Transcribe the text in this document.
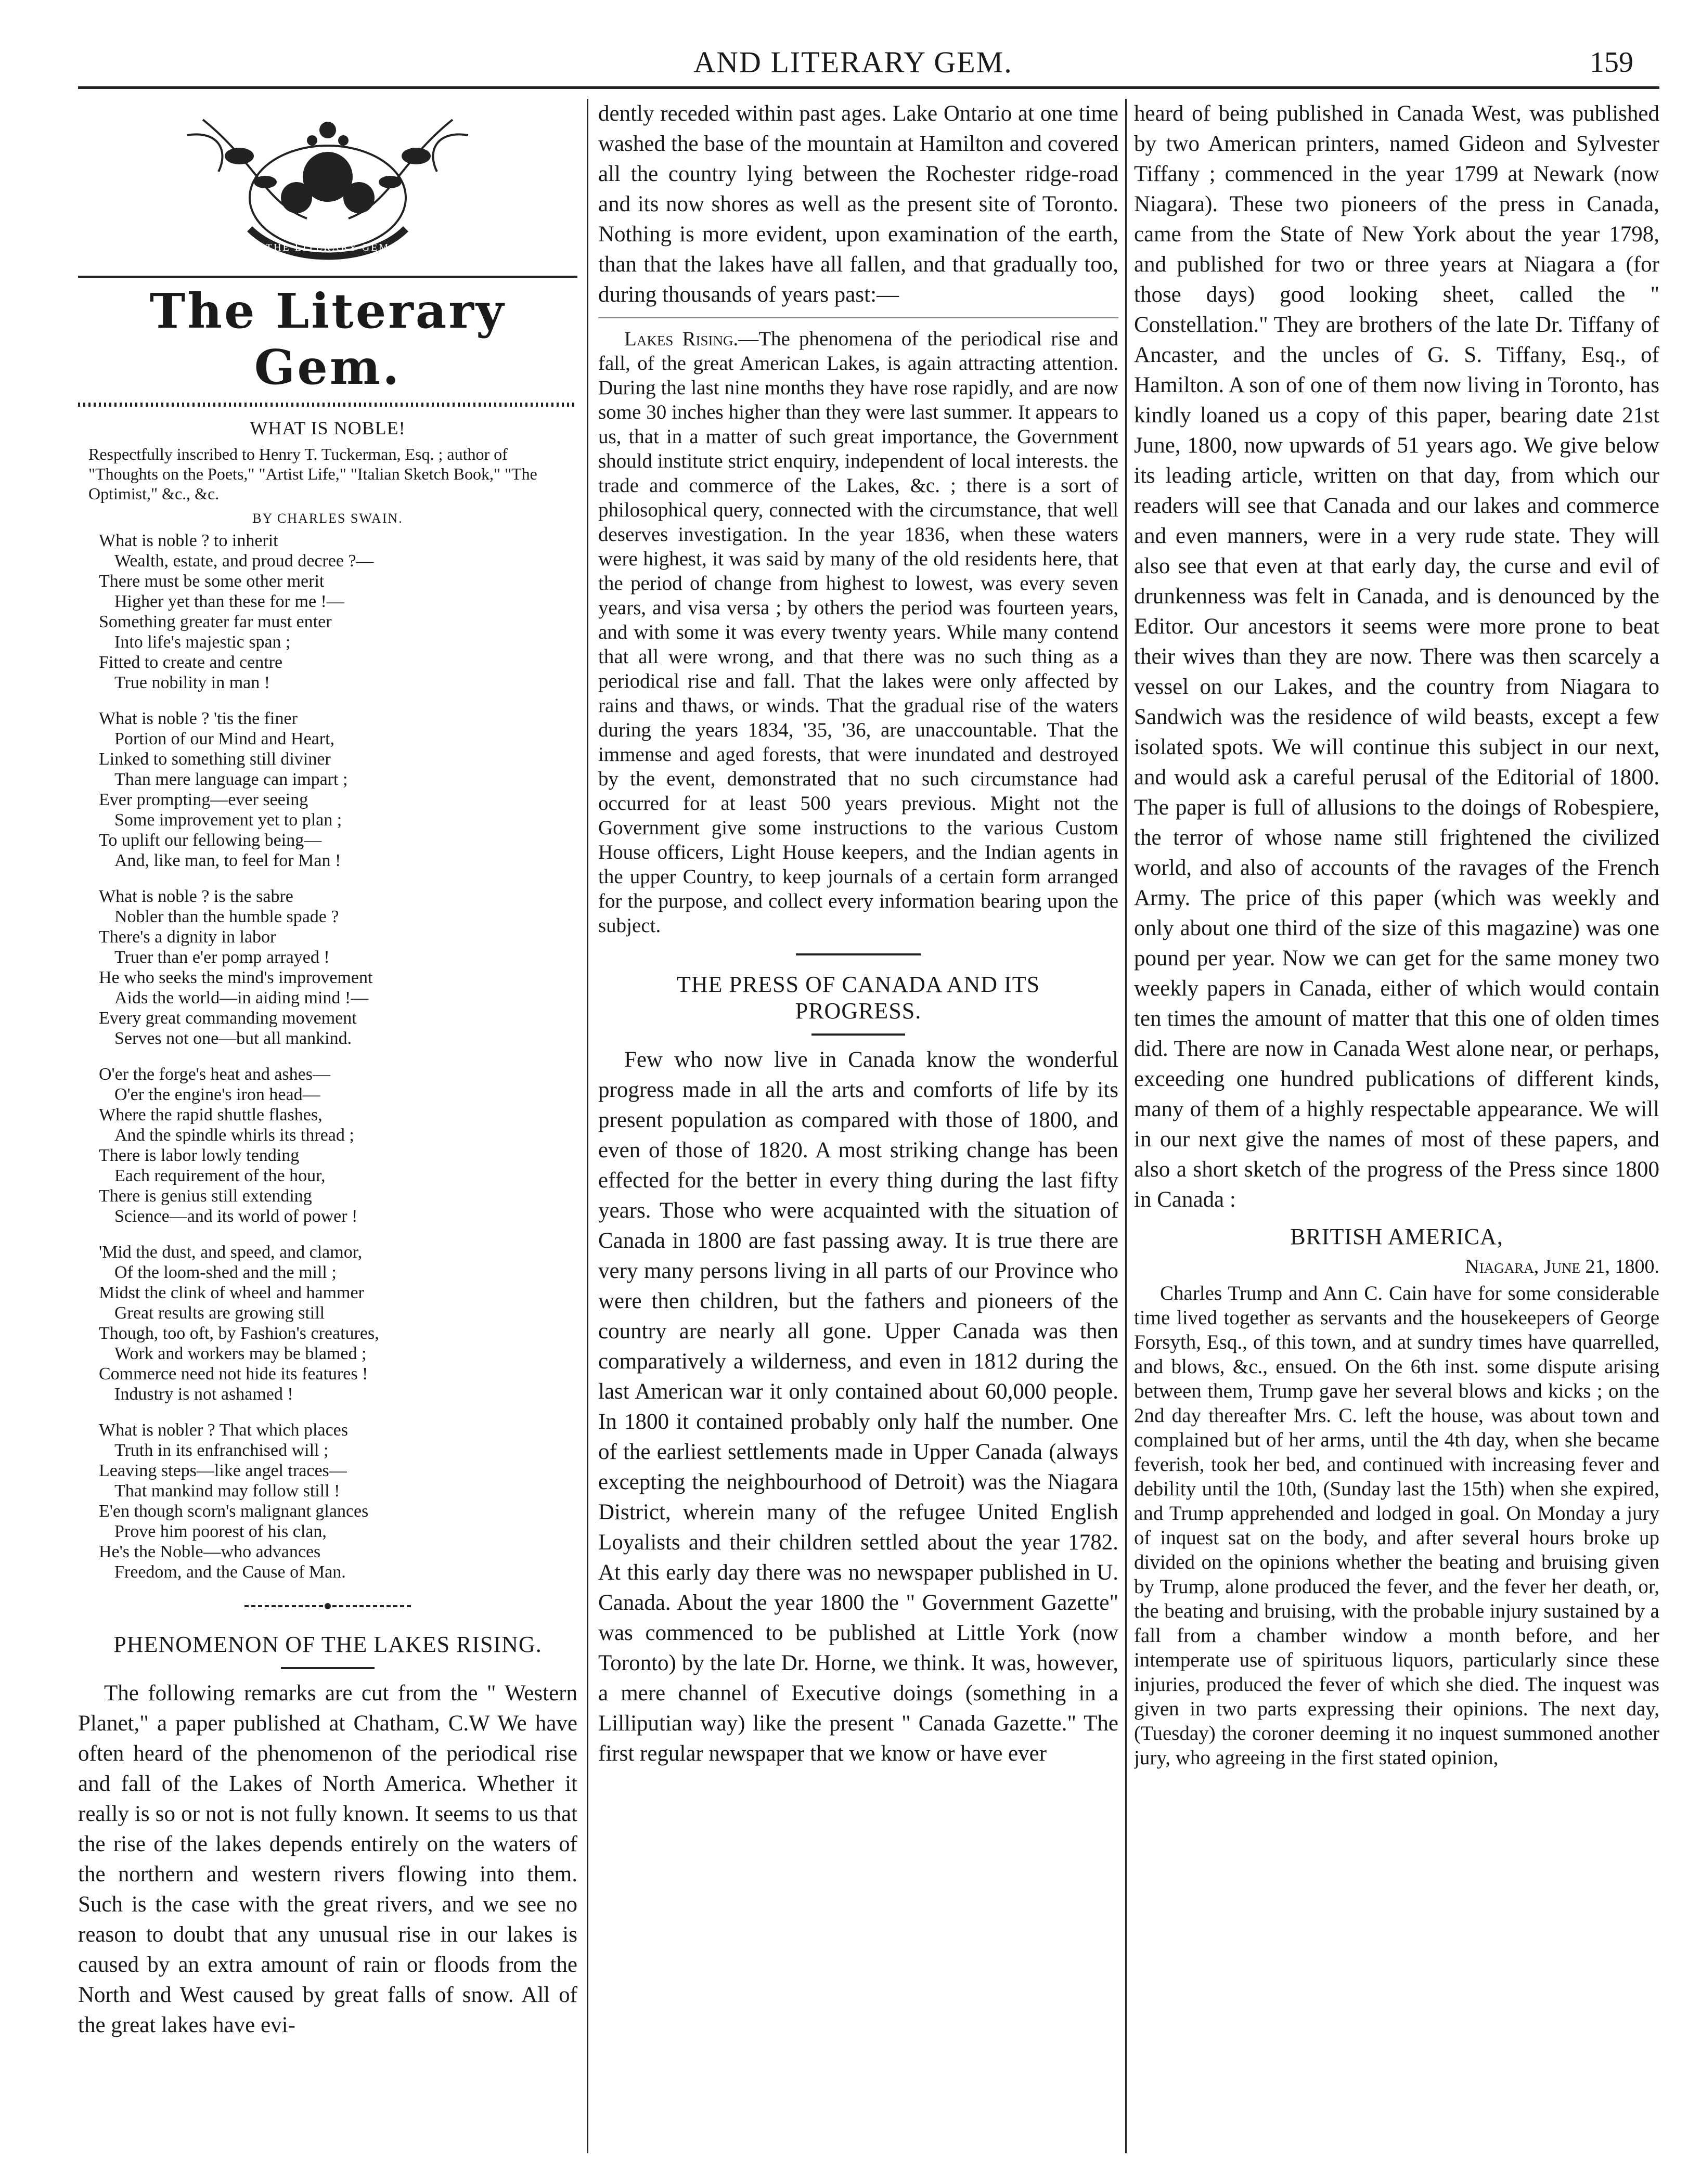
AND LITERARY GEM.	159
THE LITERARY GEM
The Literary Gem.
WHAT IS NOBLE!

Respectfully inscribed to Henry T. Tuckerman, Esq. ; author of "Thoughts on the Poets," "Artist Life," "Italian Sketch Book," "The Optimist," &c., &c.

BY CHARLES SWAIN.
What is noble ? to inherit
Wealth, estate, and proud decree ?—
There must be some other merit
Higher yet than these for me !—
Something greater far must enter
Into life's majestic span ;
Fitted to create and centre
True nobility in man !
What is noble ? 'tis the finer
Portion of our Mind and Heart,
Linked to something still diviner
Than mere language can impart ;
Ever prompting—ever seeing
Some improvement yet to plan ;
To uplift our fellowing being—
And, like man, to feel for Man !
What is noble ? is the sabre
Nobler than the humble spade ?
There's a dignity in labor
Truer than e'er pomp arrayed !
He who seeks the mind's improvement
Aids the world—in aiding mind !—
Every great commanding movement
Serves not one—but all mankind.
O'er the forge's heat and ashes—
O'er the engine's iron head—
Where the rapid shuttle flashes,
And the spindle whirls its thread ;
There is labor lowly tending
Each requirement of the hour,
There is genius still extending
Science—and its world of power !
'Mid the dust, and speed, and clamor,
Of the loom-shed and the mill ;
Midst the clink of wheel and hammer
Great results are growing still
Though, too oft, by Fashion's creatures,
Work and workers may be blamed ;
Commerce need not hide its features !
Industry is not ashamed !
What is nobler ? That which places
Truth in its enfranchised will ;
Leaving steps—like angel traces—
That mankind may follow still !
E'en though scorn's malignant glances
Prove him poorest of his clan,
He's the Noble—who advances
Freedom, and the Cause of Man.
PHENOMENON OF THE LAKES RISING.

The following remarks are cut from the " Western Planet," a paper published at Chatham, C.W We have often heard of the phenomenon of the periodical rise and fall of the Lakes of North America. Whether it really is so or not is not fully known. It seems to us that the rise of the lakes depends entirely on the waters of the northern and western rivers flowing into them. Such is the case with the great rivers, and we see no reason to doubt that any unusual rise in our lakes is caused by an extra amount of rain or floods from the North and West caused by great falls of snow. All of the great lakes have evi-

dently receded within past ages. Lake Ontario at one time washed the base of the mountain at Hamilton and covered all the country lying between the Rochester ridge-road and its now shores as well as the present site of Toronto. Nothing is more evident, upon examination of the earth, than that the lakes have all fallen, and that gradually too, during thousands of years past:—

Lakes Rising.—The phenomena of the periodical rise and fall, of the great American Lakes, is again attracting attention. During the last nine months they have rose rapidly, and are now some 30 inches higher than they were last summer. It appears to us, that in a matter of such great importance, the Government should institute strict enquiry, independent of local interests. the trade and commerce of the Lakes, &c. ; there is a sort of philosophical query, connected with the circumstance, that well deserves investigation. In the year 1836, when these waters were highest, it was said by many of the old residents here, that the period of change from highest to lowest, was every seven years, and visa versa ; by others the period was fourteen years, and with some it was every twenty years. While many contend that all were wrong, and that there was no such thing as a periodical rise and fall. That the lakes were only affected by rains and thaws, or winds. That the gradual rise of the waters during the years 1834, '35, '36, are unaccountable. That the immense and aged forests, that were inundated and destroyed by the event, demonstrated that no such circumstance had occurred for at least 500 years previous. Might not the Government give some instructions to the various Custom House officers, Light House keepers, and the Indian agents in the upper Country, to keep journals of a certain form arranged for the purpose, and collect every information bearing upon the subject.

THE PRESS OF CANADA AND ITS PROGRESS.

Few who now live in Canada know the wonderful progress made in all the arts and comforts of life by its present population as compared with those of 1800, and even of those of 1820. A most striking change has been effected for the better in every thing during the last fifty years. Those who were acquainted with the situation of Canada in 1800 are fast passing away. It is true there are very many persons living in all parts of our Province who were then children, but the fathers and pioneers of the country are nearly all gone. Upper Canada was then comparatively a wilderness, and even in 1812 during the last American war it only contained about 60,000 people. In 1800 it contained probably only half the number. One of the earliest settlements made in Upper Canada (always excepting the neighbourhood of Detroit) was the Niagara District, wherein many of the refugee United English Loyalists and their children settled about the year 1782. At this early day there was no newspaper published in U. Canada. About the year 1800 the " Government Gazette" was commenced to be published at Little York (now Toronto) by the late Dr. Horne, we think. It was, however, a mere channel of Executive doings (something in a Lilliputian way) like the present " Canada Gazette." The first regular newspaper that we know or have ever

heard of being published in Canada West, was published by two American printers, named Gideon and Sylvester Tiffany ; commenced in the year 1799 at Newark (now Niagara). These two pioneers of the press in Canada, came from the State of New York about the year 1798, and published for two or three years at Niagara a (for those days) good looking sheet, called the " Constellation." They are brothers of the late Dr. Tiffany of Ancaster, and the uncles of G. S. Tiffany, Esq., of Hamilton. A son of one of them now living in Toronto, has kindly loaned us a copy of this paper, bearing date 21st June, 1800, now upwards of 51 years ago. We give below its leading article, written on that day, from which our readers will see that Canada and our lakes and commerce and even manners, were in a very rude state. They will also see that even at that early day, the curse and evil of drunkenness was felt in Canada, and is denounced by the Editor. Our ancestors it seems were more prone to beat their wives than they are now. There was then scarcely a vessel on our Lakes, and the country from Niagara to Sandwich was the residence of wild beasts, except a few isolated spots. We will continue this subject in our next, and would ask a careful perusal of the Editorial of 1800. The paper is full of allusions to the doings of Robespiere, the terror of whose name still frightened the civilized world, and also of accounts of the ravages of the French Army. The price of this paper (which was weekly and only about one third of the size of this magazine) was one pound per year. Now we can get for the same money two weekly papers in Canada, either of which would contain ten times the amount of matter that this one of olden times did. There are now in Canada West alone near, or perhaps, exceeding one hundred publications of different kinds, many of them of a highly respectable appearance. We will in our next give the names of most of these papers, and also a short sketch of the progress of the Press since 1800 in Canada :

BRITISH AMERICA,
Niagara, June 21, 1800.

Charles Trump and Ann C. Cain have for some considerable time lived together as servants and the housekeepers of George Forsyth, Esq., of this town, and at sundry times have quarrelled, and blows, &c., ensued. On the 6th inst. some dispute arising between them, Trump gave her several blows and kicks ; on the 2nd day thereafter Mrs. C. left the house, was about town and complained but of her arms, until the 4th day, when she became feverish, took her bed, and continued with increasing fever and debility until the 10th, (Sunday last the 15th) when she expired, and Trump apprehended and lodged in goal. On Monday a jury of inquest sat on the body, and after several hours broke up divided on the opinions whether the beating and bruising given by Trump, alone produced the fever, and the fever her death, or, the beating and bruising, with the probable injury sustained by a fall from a chamber window a month before, and her intemperate use of spirituous liquors, particularly since these injuries, produced the fever of which she died. The inquest was given in two parts expressing their opinions. The next day, (Tuesday) the coroner deeming it no inquest summoned another jury, who agreeing in the first stated opinion,
